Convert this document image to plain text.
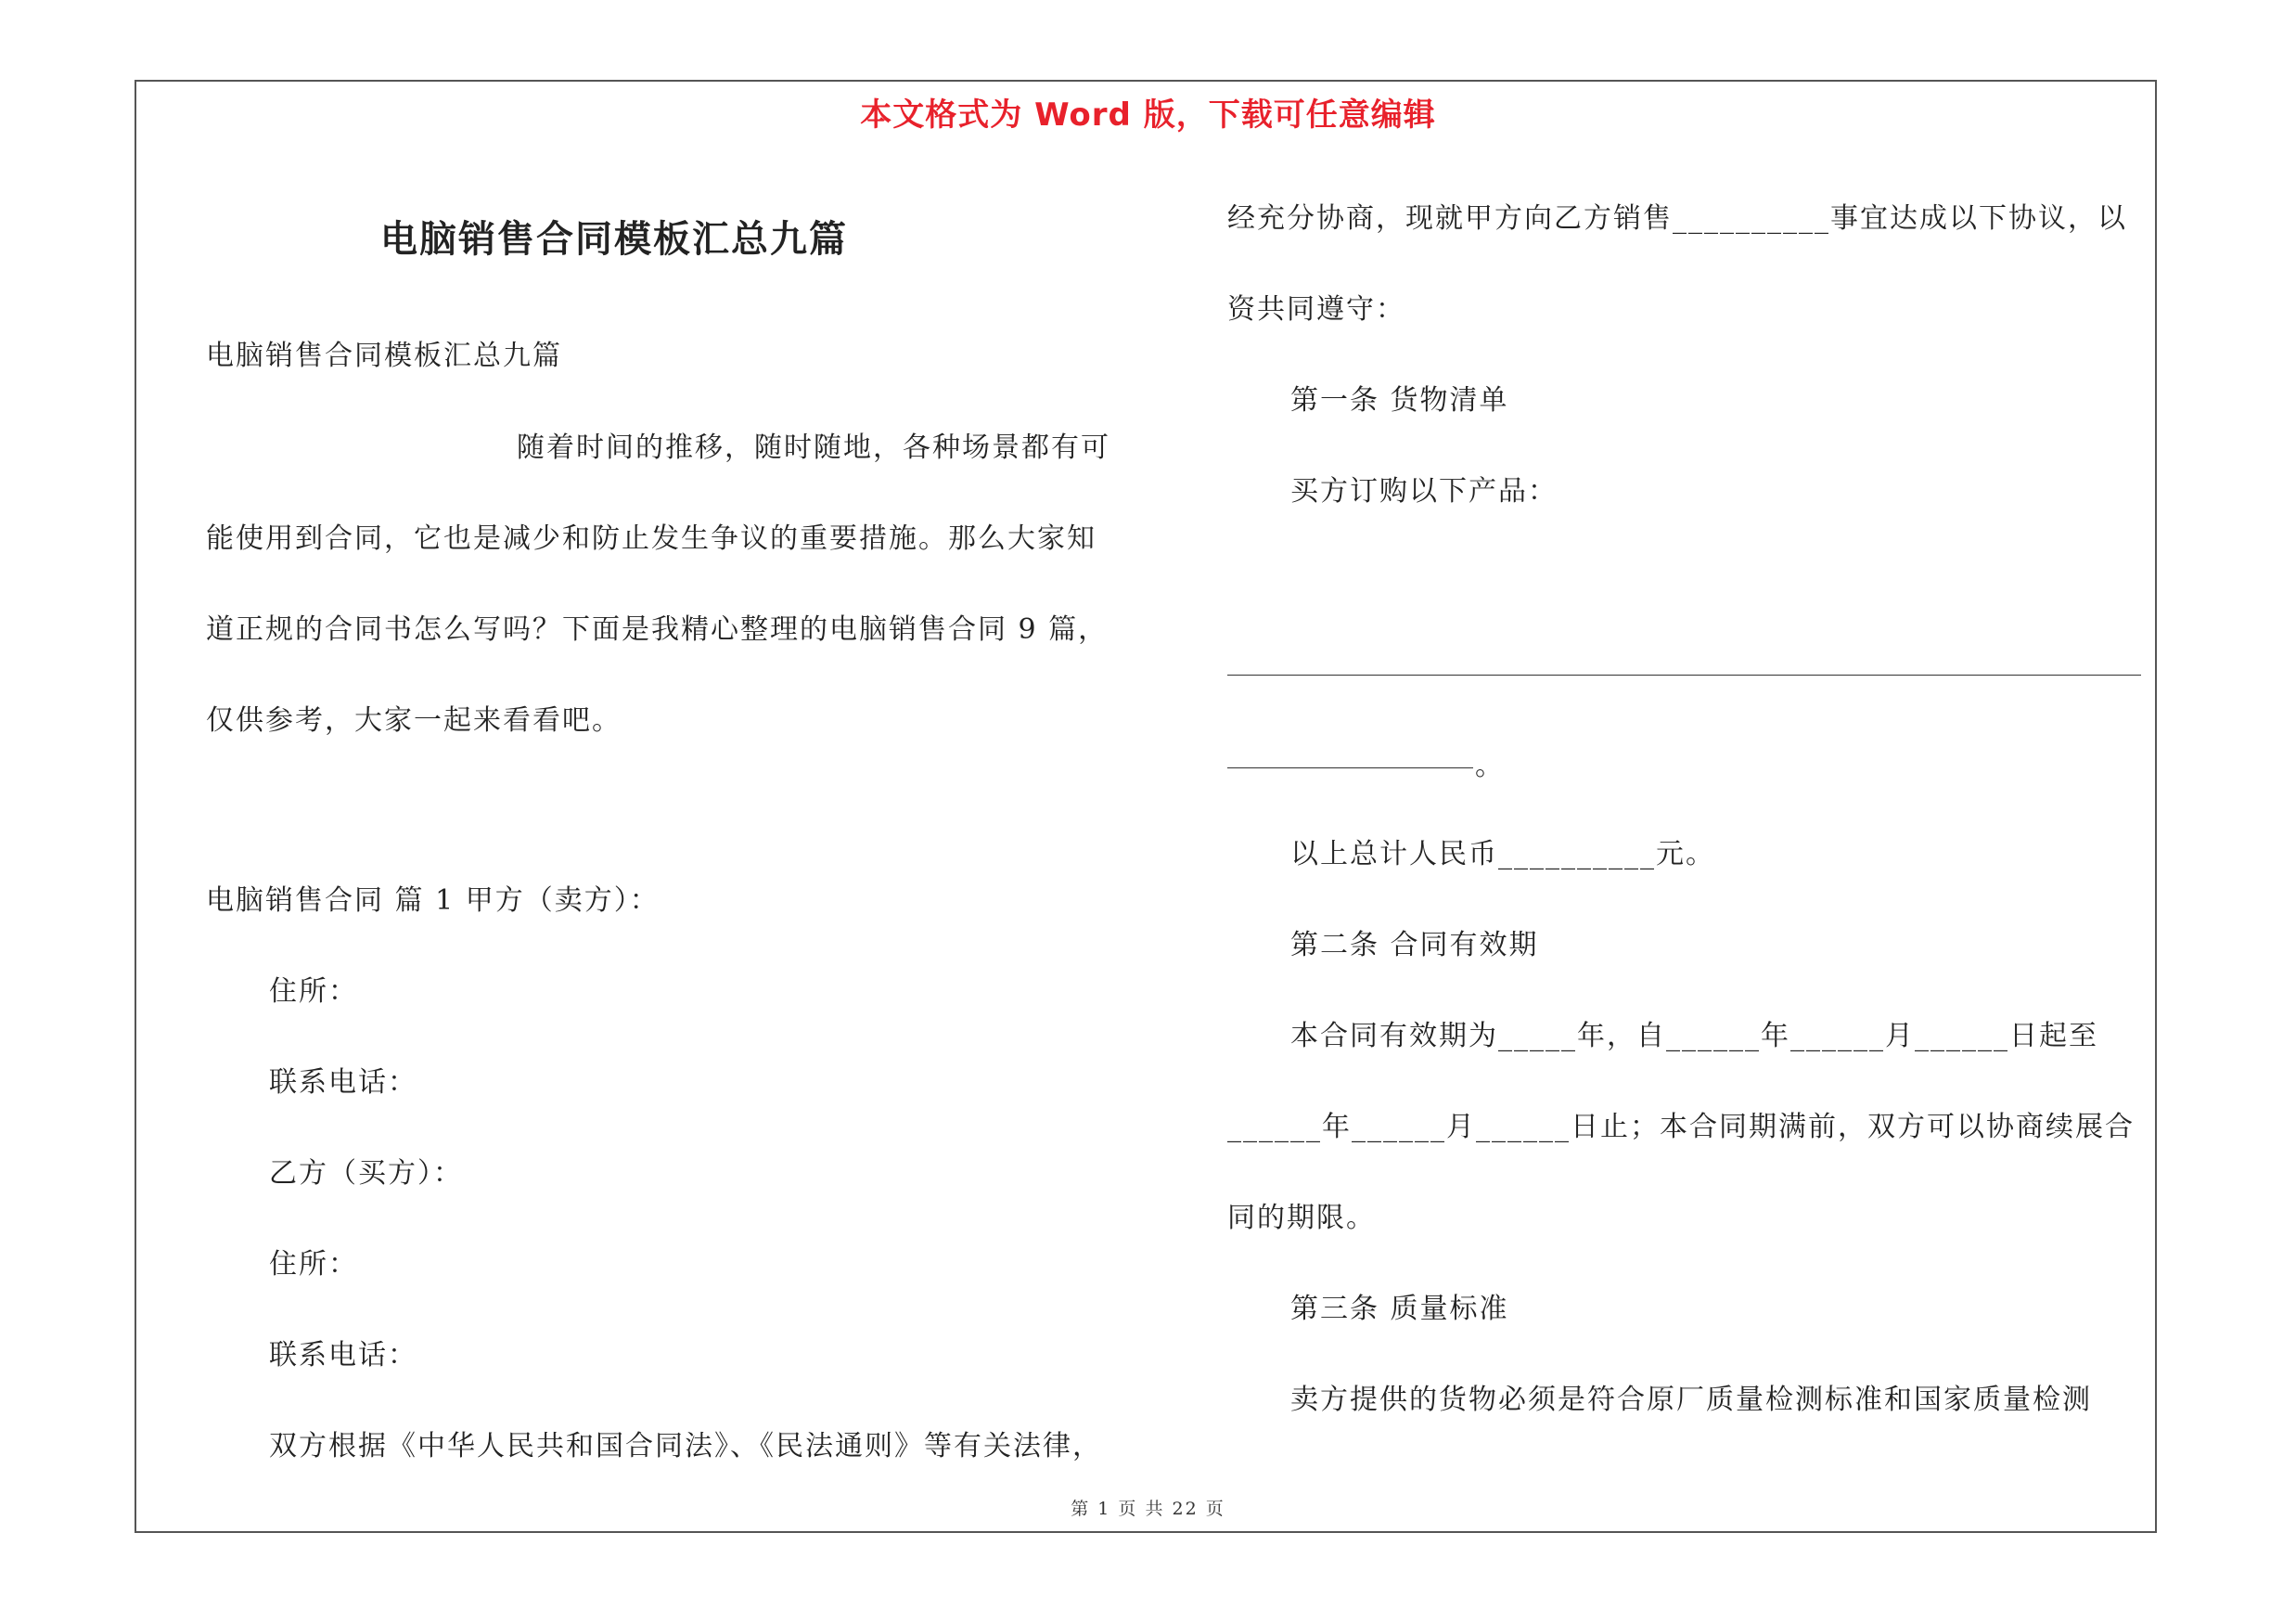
本文格式为 Word 版，下载可任意编辑
电脑销售合同模板汇总九篇
电脑销售合同模板汇总九篇
随着时间的推移，随时随地，各种场景都有可
能使用到合同，它也是减少和防止发生争议的重要措施。那么大家知
道正规的合同书怎么写吗？下面是我精心整理的电脑销售合同 9 篇，
仅供参考，大家一起来看看吧。
电脑销售合同 篇 1 甲方（卖方）：
住所：
联系电话：
乙方（买方）：
住所：
联系电话：
双方根据《中华人民共和国合同法》、《民法通则》等有关法律，
经充分协商，现就甲方向乙方销售__________事宜达成以下协议，以
资共同遵守：
第一条 货物清单
买方订购以下产品：
。
以上总计人民币__________元。
第二条 合同有效期
本合同有效期为_____年，自______年______月______日起至
______年______月______日止；本合同期满前，双方可以协商续展合
同的期限。
第三条 质量标准
卖方提供的货物必须是符合原厂质量检测标准和国家质量检测
第 1 页 共 22 页
